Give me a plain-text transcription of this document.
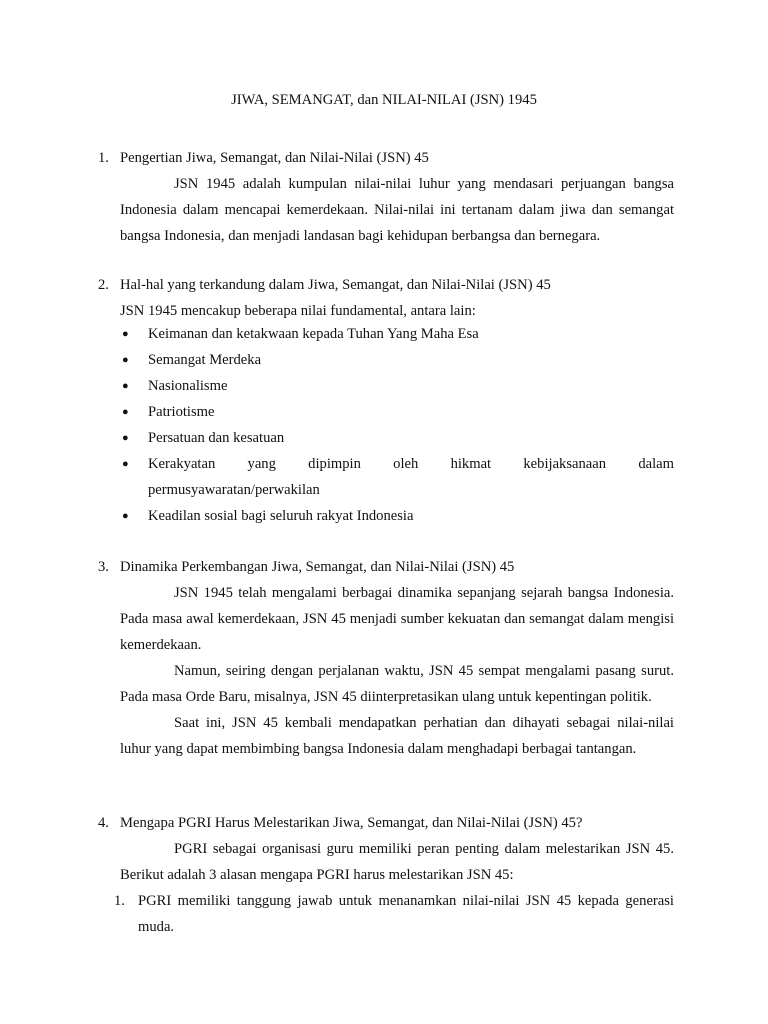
JIWA, SEMANGAT, dan NILAI-NILAI (JSN) 1945
1. Pengertian Jiwa, Semangat, dan Nilai-Nilai (JSN) 45
JSN 1945 adalah kumpulan nilai-nilai luhur yang mendasari perjuangan bangsa Indonesia dalam mencapai kemerdekaan. Nilai-nilai ini tertanam dalam jiwa dan semangat bangsa Indonesia, dan menjadi landasan bagi kehidupan berbangsa dan bernegara.
2. Hal-hal yang terkandung dalam Jiwa, Semangat, dan Nilai-Nilai (JSN) 45
JSN 1945 mencakup beberapa nilai fundamental, antara lain:
● Keimanan dan ketakwaan kepada Tuhan Yang Maha Esa
● Semangat Merdeka
● Nasionalisme
● Patriotisme
● Persatuan dan kesatuan
● Kerakyatan yang dipimpin oleh hikmat kebijaksanaan dalam permusyawaratan/perwakilan
● Keadilan sosial bagi seluruh rakyat Indonesia
3. Dinamika Perkembangan Jiwa, Semangat, dan Nilai-Nilai (JSN) 45
JSN 1945 telah mengalami berbagai dinamika sepanjang sejarah bangsa Indonesia. Pada masa awal kemerdekaan, JSN 45 menjadi sumber kekuatan dan semangat dalam mengisi kemerdekaan.
Namun, seiring dengan perjalanan waktu, JSN 45 sempat mengalami pasang surut. Pada masa Orde Baru, misalnya, JSN 45 diinterpretasikan ulang untuk kepentingan politik.
Saat ini, JSN 45 kembali mendapatkan perhatian dan dihayati sebagai nilai-nilai luhur yang dapat membimbing bangsa Indonesia dalam menghadapi berbagai tantangan.
4. Mengapa PGRI Harus Melestarikan Jiwa, Semangat, dan Nilai-Nilai (JSN) 45?
PGRI sebagai organisasi guru memiliki peran penting dalam melestarikan JSN 45. Berikut adalah 3 alasan mengapa PGRI harus melestarikan JSN 45:
1. PGRI memiliki tanggung jawab untuk menanamkan nilai-nilai JSN 45 kepada generasi muda.
